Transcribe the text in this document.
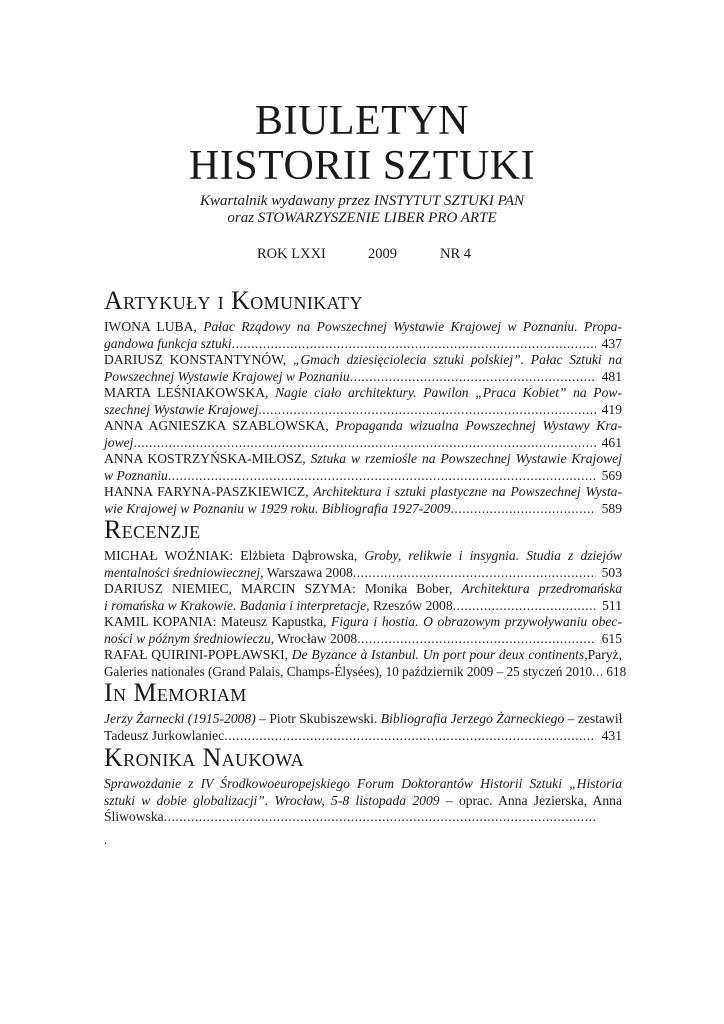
BIULETYN
HISTORII SZTUKI
Kwartalnik wydawany przez INSTYTUT SZTUKI PAN
oraz STOWARZYSZENIE LIBER PRO ARTE
ROK LXXI	2009	NR 4
Artykuły i Komunikaty
IWONA LUBA, Pałac Rządowy na Powszechnej Wystawie Krajowej w Poznaniu. Propa-
gandowa funkcja sztuki .....	437
DARIUSZ KONSTANTYNÓW, „Gmach dziesięciolecia sztuki polskiej”. Pałac Sztuki na
Powszechnej Wystawie Krajowej w Poznaniu .....	481
MARTA LEŚNIAKOWSKA, Nagie ciało architektury. Pawilon „Praca Kobiet” na Pow-
szechnej Wystawie Krajowej .....	419
ANNA AGNIESZKA SZABLOWSKA, Propaganda wizualna Powszechnej Wystawy Kra-
jowej .....	461
ANNA KOSTRZYŃSKA-MIŁOSZ, Sztuka w rzemiośle na Powszechnej Wystawie Krajowej
w Poznaniu .....	569
HANNA FARYNA-PASZKIEWICZ, Architektura i sztuki plastyczne na Powszechnej Wysta-
wie Krajowej w Poznaniu w 1929 roku. Bibliografia 1927-2009 .....	589
Recenzje
MICHAŁ WOŹNIAK: Elżbieta Dąbrowska, Groby, relikwie i insygnia. Studia z dziejów
mentalności średniowiecznej, Warszawa 2008 .....	503
DARIUSZ NIEMIEC, MARCIN SZYMA: Monika Bober, Architektura przedromańska
i romańska w Krakowie. Badania i interpretacje, Rzeszów 2008 .....	511
KAMIL KOPANIA: Mateusz Kapustka, Figura i hostia. O obrazowym przywoływaniu obec-
ności w późnym średniowieczu, Wrocław 2008 .....	615
RAFAŁ QUIRINI-POPŁAWSKI, De Byzance à Istanbul. Un port pour deux continents,Paryż,
Galeries nationales (Grand Palais, Champs-Élysées), 10 październik 2009 – 25 styczeń 2010 .....	618
In Memoriam
Jerzy Żarnecki (1915-2008) – Piotr Skubiszewski. Bibliografia Jerzego Żarneckiego – zestawił
Tadeusz Jurkowlaniec .....	431
Kronika Naukowa
Sprawozdanie z IV Środkowoeuropejskiego Forum Doktorantów Historii Sztuki „Historia
sztuki w dobie globalizacji”. Wrocław, 5-8 listopada 2009 – oprac. Anna Jezierska, Anna
Śliwowska
.....
.
